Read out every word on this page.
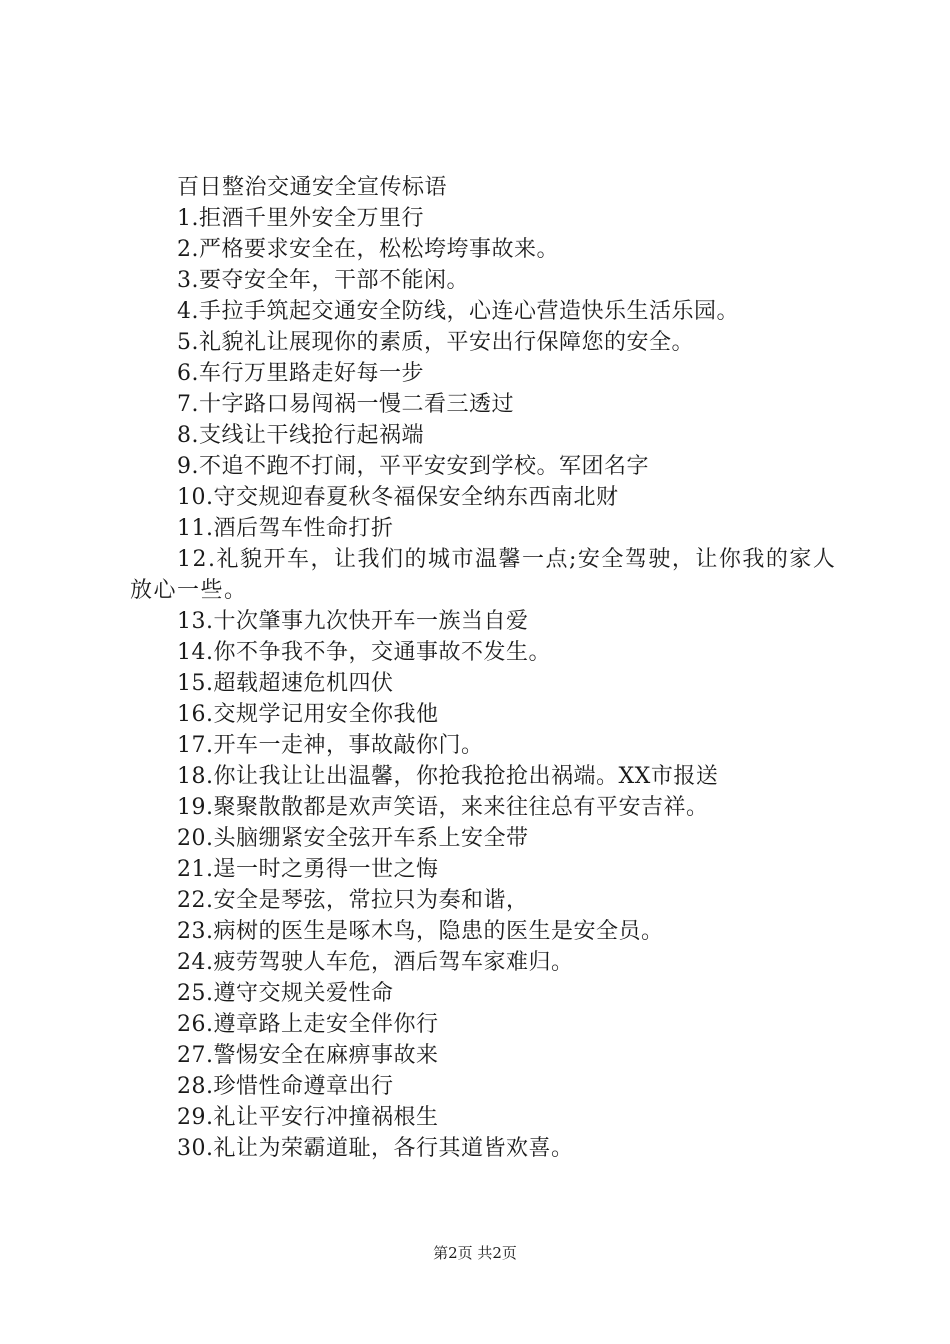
百日整治交通安全宣传标语
1.拒酒千里外安全万里行
2.严格要求安全在，松松垮垮事故来。
3.要夺安全年，干部不能闲。
4.手拉手筑起交通安全防线，心连心营造快乐生活乐园。
5.礼貌礼让展现你的素质，平安出行保障您的安全。
6.车行万里路走好每一步
7.十字路口易闯祸一慢二看三透过
8.支线让干线抢行起祸端
9.不追不跑不打闹，平平安安到学校。军团名字
10.守交规迎春夏秋冬福保安全纳东西南北财
11.酒后驾车性命打折
12.礼貌开车，让我们的城市温馨一点;安全驾驶，让你我的家人放心一些。
13.十次肇事九次快开车一族当自爱
14.你不争我不争，交通事故不发生。
15.超载超速危机四伏
16.交规学记用安全你我他
17.开车一走神，事故敲你门。
18.你让我让让出温馨，你抢我抢抢出祸端。XX市报送
19.聚聚散散都是欢声笑语，来来往往总有平安吉祥。
20.头脑绷紧安全弦开车系上安全带
21.逞一时之勇得一世之悔
22.安全是琴弦，常拉只为奏和谐，
23.病树的医生是啄木鸟，隐患的医生是安全员。
24.疲劳驾驶人车危，酒后驾车家难归。
25.遵守交规关爱性命
26.遵章路上走安全伴你行
27.警惕安全在麻痹事故来
28.珍惜性命遵章出行
29.礼让平安行冲撞祸根生
30.礼让为荣霸道耻，各行其道皆欢喜。
第2页 共2页
